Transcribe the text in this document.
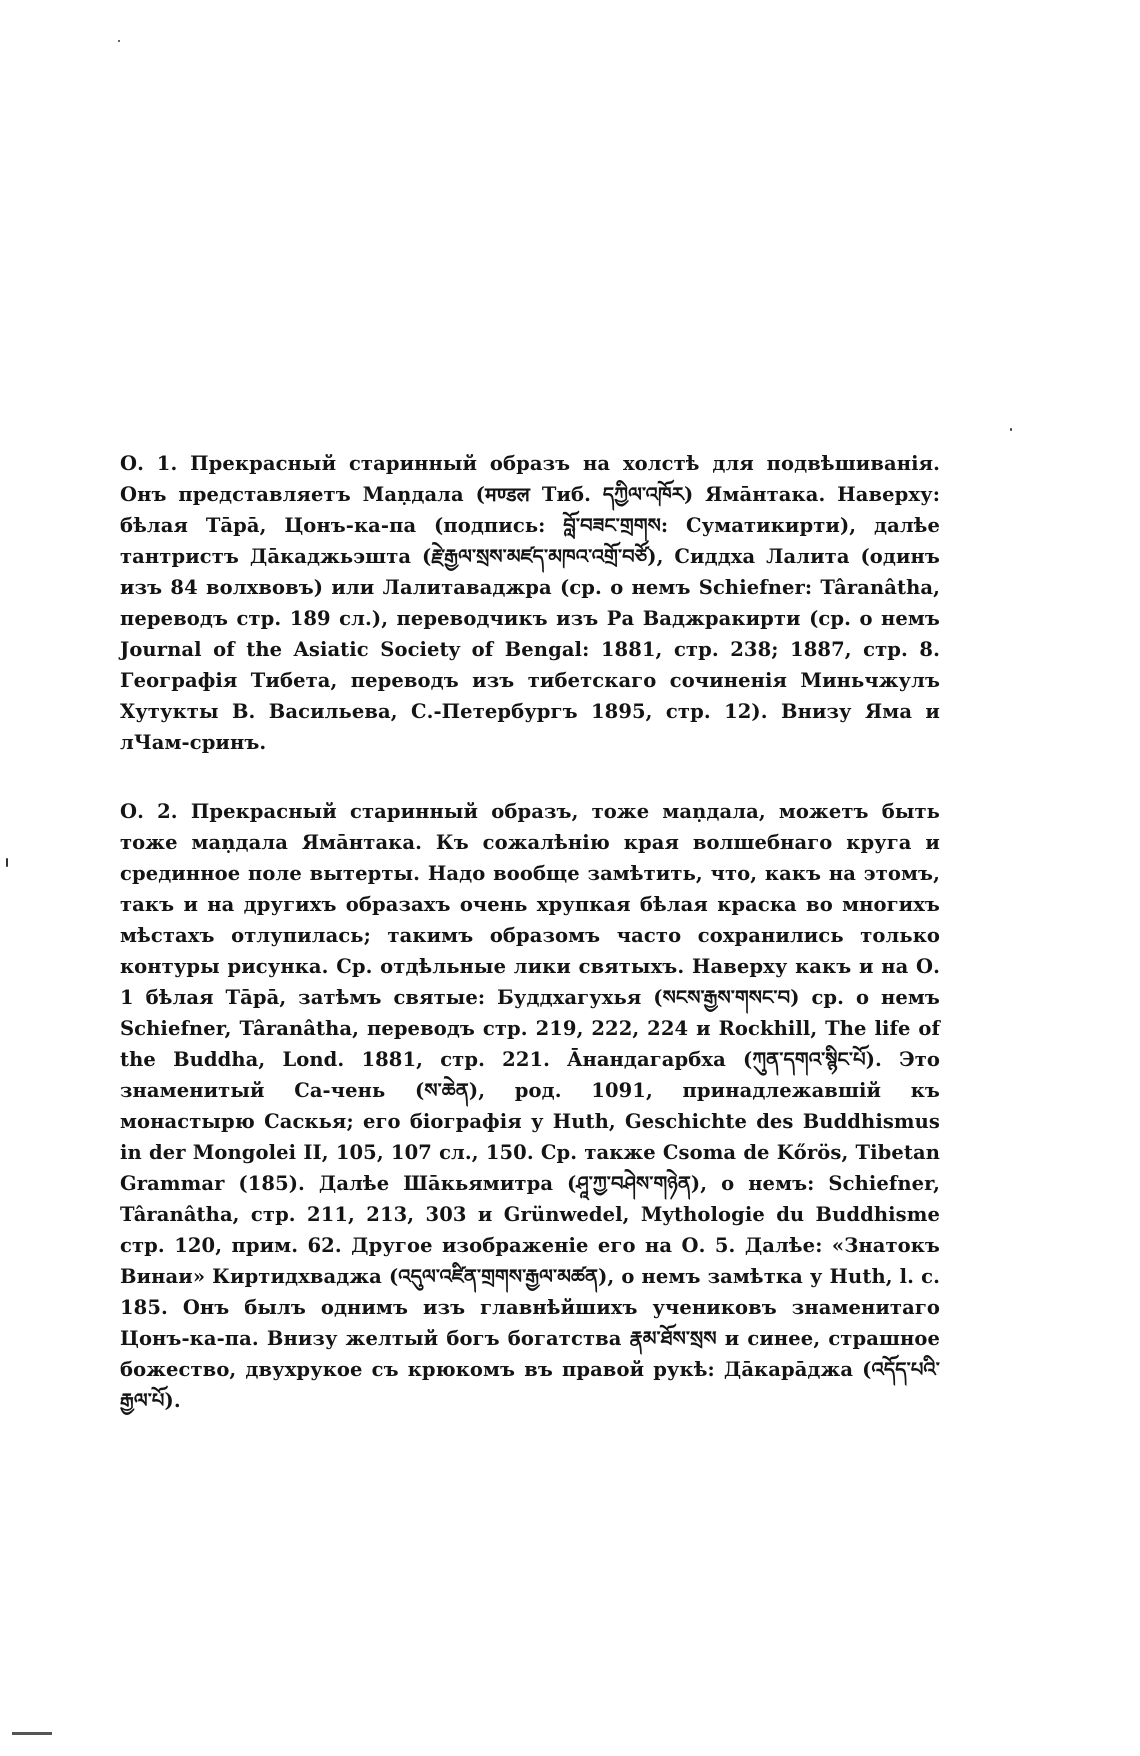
О. 1. Прекрасный старинный образъ на холстѣ для подвѣшиванія. Онъ представляетъ Маṇдала (मण्डल Тиб. དཀྱིལ་འཁོར) Ямāнтака. Наверху: бѣлая Тāрā, Цонъ-ка-па (подпись: བློ་བཟང་གྲགས: Суматикирти), далѣе тантристъ Дāкаджьэшта (རྗེ་རྒྱལ་སྲས་མཛད་མཁའ་འགྲོ་བཙོ), Сиддха Лалита (одинъ изъ 84 волхвовъ) или Лалитаваджра (ср. о немъ Schiefner: Târanâtha, переводъ стр. 189 сл.), переводчикъ изъ Ра Ваджракирти (ср. о немъ Journal of the Asiatic Society of Bengal: 1881, стр. 238; 1887, стр. 8. Географія Тибета, переводъ изъ тибетскаго сочиненія Миньчжулъ Хутукты В. Васильева, С.-Петербургъ 1895, стр. 12). Внизу Яма и лЧам-сринъ.

О. 2. Прекрасный старинный образъ, тоже маṇдала, можетъ быть тоже маṇдала Ямāнтака. Къ сожалѣнію края волшебнаго круга и срединное поле вытерты. Надо вообще замѣтить, что, какъ на этомъ, такъ и на другихъ образахъ очень хрупкая бѣлая краска во многихъ мѣстахъ отлупилась; такимъ образомъ часто сохранились только контуры рисунка. Ср. отдѣльные лики святыхъ. Наверху какъ и на О. 1 бѣлая Тāрā, затѣмъ святые: Буддхагухья (སངས་རྒྱས་གསང་བ) ср. о немъ Schiefner, Târanâtha, переводъ стр. 219, 222, 224 и Rockhill, The life of the Buddha, Lond. 1881, стр. 221. Āнандагарбха (ཀུན་དགའ་སྙིང་པོ). Это знаменитый Са-чень (ས་ཆེན), род. 1091, принадлежавшій къ монастырю Саскья; его біографія у Huth, Geschichte des Buddhismus in der Mongolei II, 105, 107 сл., 150. Ср. также Csoma de Kőrös, Tibetan Grammar (185). Далѣе Шāкьямитра (ཤཱ་ཀྱ་བཤེས་གཉེན), о немъ: Schiefner, Târanâtha, стр. 211, 213, 303 и Grünwedel, Mythologie du Buddhisme стр. 120, прим. 62. Другое изображеніе его на О. 5. Далѣе: «Знатокъ Винаи» Киртидхваджа (འདུལ་འཛིན་གྲགས་རྒྱལ་མཚན), о немъ замѣтка у Huth, l. c. 185. Онъ былъ однимъ изъ главнѣйшихъ учениковъ знаменитаго Цонъ-ка-па. Внизу желтый богъ богатства རྣམ་ཐོས་སྲས и синее, страшное божество, двухрукое съ крюкомъ въ правой рукѣ: Дāкарāджа (འདོད་པའི་རྒྱལ་པོ).
